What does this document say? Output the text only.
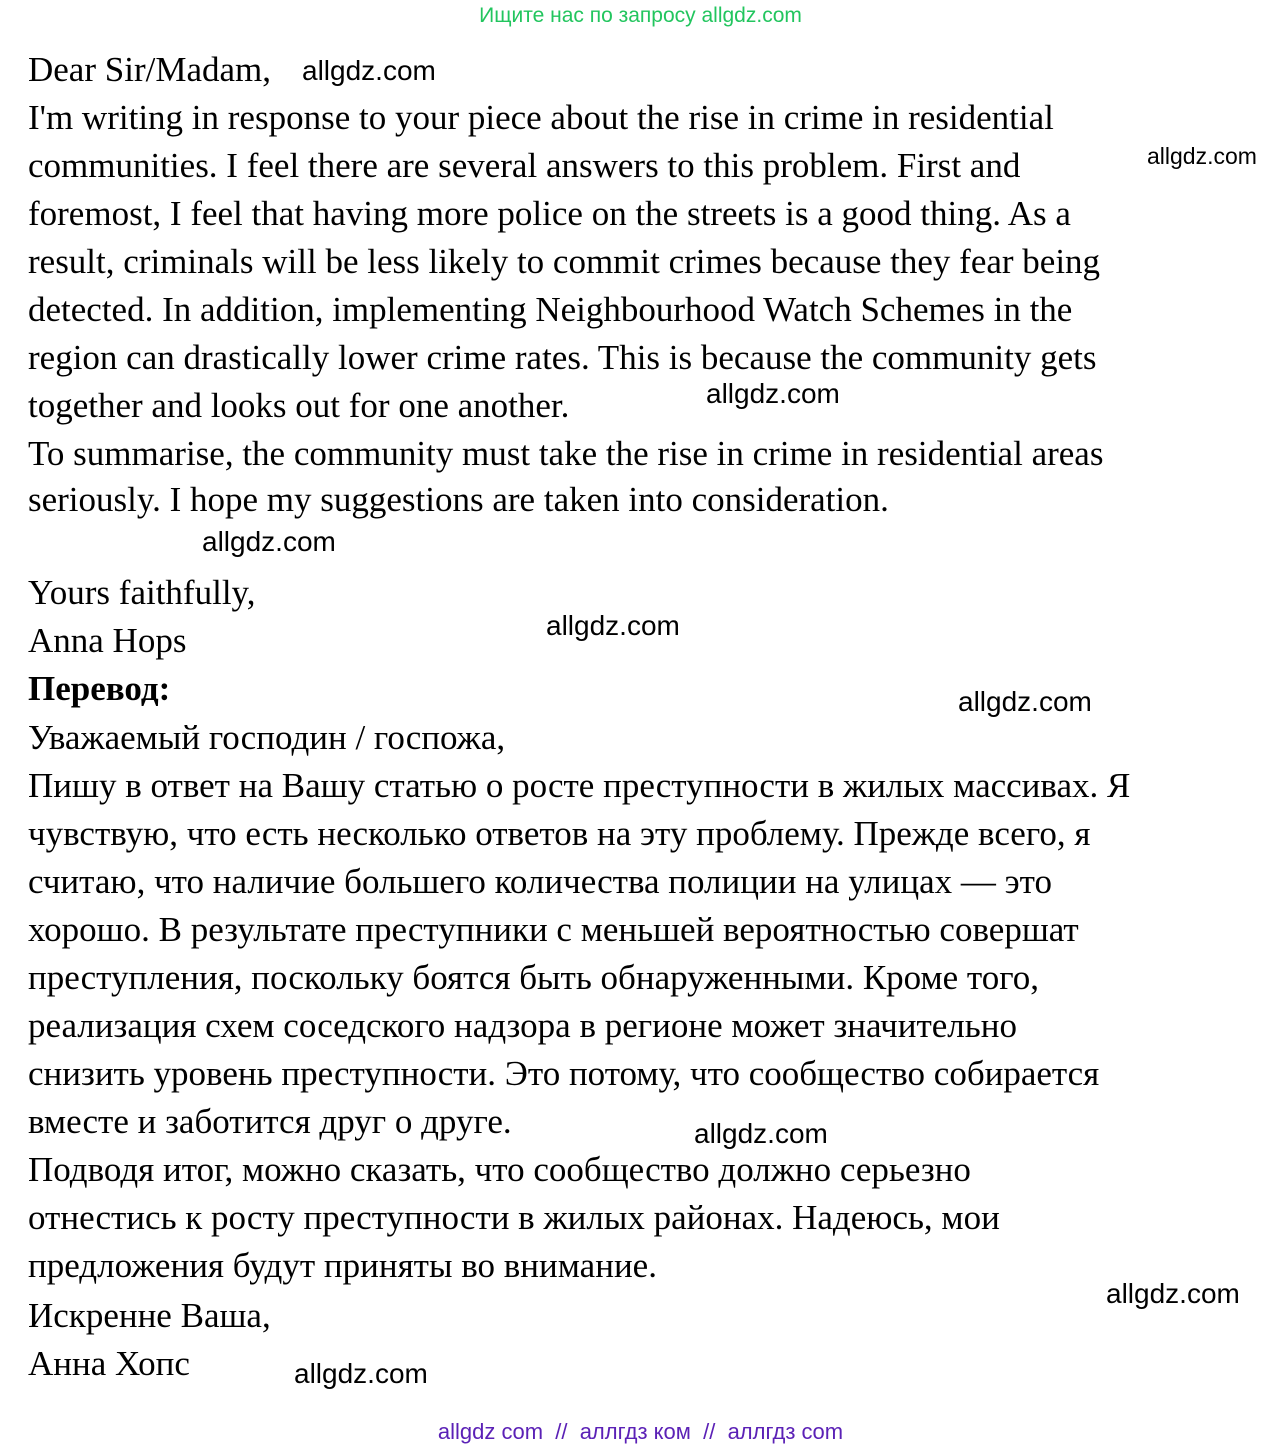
Ищите нас по запросу allgdz.com
Dear Sir/Madam,
I'm writing in response to your piece about the rise in crime in residential
communities. I feel there are several answers to this problem. First and
foremost, I feel that having more police on the streets is a good thing. As a
result, criminals will be less likely to commit crimes because they fear being
detected. In addition, implementing Neighbourhood Watch Schemes in the
region can drastically lower crime rates. This is because the community gets
together and looks out for one another.
To summarise, the community must take the rise in crime in residential areas
seriously. I hope my suggestions are taken into consideration.
Yours faithfully,
Anna Hops
Перевод:
Уважаемый господин / госпожа,
Пишу в ответ на Вашу статью о росте преступности в жилых массивах. Я
чувствую, что есть несколько ответов на эту проблему. Прежде всего, я
считаю, что наличие большего количества полиции на улицах — это
хорошо. В результате преступники с меньшей вероятностью совершат
преступления, поскольку боятся быть обнаруженными. Кроме того,
реализация схем соседского надзора в регионе может значительно
снизить уровень преступности. Это потому, что сообщество собирается
вместе и заботится друг о друге.
Подводя итог, можно сказать, что сообщество должно серьезно
отнестись к росту преступности в жилых районах. Надеюсь, мои
предложения будут приняты во внимание.
Искренне Ваша,
Анна Хопс
allgdz.com
allgdz.com
allgdz.com
allgdz.com
allgdz.com
allgdz.com
allgdz.com
allgdz.com
allgdz.com
allgdz com  //  аллгдз ком  //  аллгдз com
